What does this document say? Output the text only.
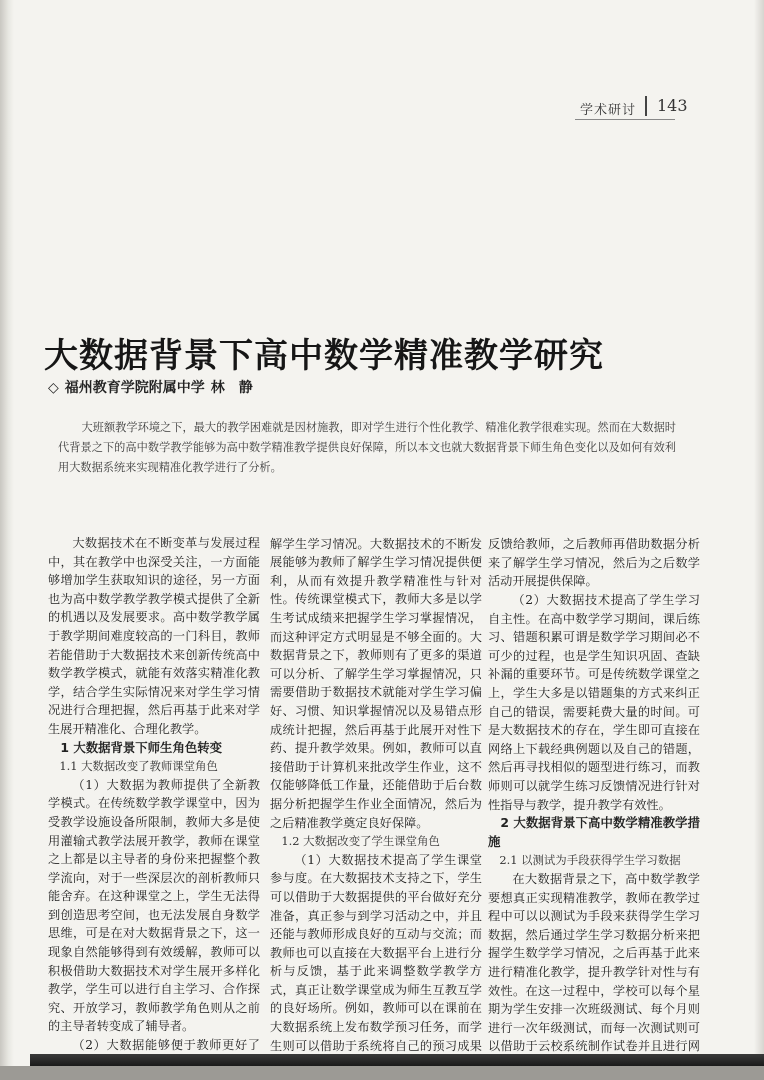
学术研讨 143
大数据背景下高中数学精准教学研究
◇ 福州教育学院附属中学 林　静
大班额教学环境之下，最大的教学困难就是因材施教，即对学生进行个性化教学、精准化教学很难实现。然而在大数据时代背景之下的高中数学教学能够为高中数学精准教学提供良好保障，所以本文也就大数据背景下师生角色变化以及如何有效利用大数据系统来实现精准化教学进行了分析。

大数据技术在不断变革与发展过程中，其在教学中也深受关注，一方面能够增加学生获取知识的途径，另一方面也为高中数学教学教学模式提供了全新的机遇以及发展要求。高中数学教学属于教学期间难度较高的一门科目，教师若能借助于大数据技术来创新传统高中数学教学模式，就能有效落实精准化教学，结合学生实际情况来对学生学习情况进行合理把握，然后再基于此来对学生展开精准化、合理化教学。

1 大数据背景下师生角色转变
1.1 大数据改变了教师课堂角色

（1）大数据为教师提供了全新教学模式。在传统数学教学课堂中，因为受教学设施设备所限制，教师大多是使用灌输式教学法展开教学，教师在课堂之上都是以主导者的身份来把握整个教学流向，对于一些深层次的剖析教师只能舍弃。在这种课堂之上，学生无法得到创造思考空间，也无法发展自身数学思维，可是在对大数据背景之下，这一现象自然能够得到有效缓解，教师可以积极借助大数据技术对学生展开多样化教学，学生可以进行自主学习、合作探究、开放学习，教师教学角色则从之前的主导者转变成了辅导者。

（2）大数据能够便于教师更好了

解学生学习情况。大数据技术的不断发展能够为教师了解学生学习情况提供便利，从而有效提升教学精准性与针对性。传统课堂模式下，教师大多是以学生考试成绩来把握学生学习掌握情况，而这种评定方式明显是不够全面的。大数据背景之下，教师则有了更多的渠道可以分析、了解学生学习掌握情况，只需要借助于数据技术就能对学生学习偏好、习惯、知识掌握情况以及易错点形成统计把握，然后再基于此展开对性下药、提升教学效果。例如，教师可以直接借助于计算机来批改学生作业，这不仅能够降低工作量，还能借助于后台数据分析把握学生作业全面情况，然后为之后精准教学奠定良好保障。

1.2 大数据改变了学生课堂角色

（1）大数据技术提高了学生课堂参与度。在大数据技术支持之下，学生可以借助于大数据提供的平台做好充分准备，真正参与到学习活动之中，并且还能与教师形成良好的互动与交流；而教师也可以直接在大数据平台上进行分析与反馈，基于此来调整数学教学方式，真正让数学课堂成为师生互教互学的良好场所。例如，教师可以在课前在大数据系统上发布数学预习任务，而学生则可以借助于系统将自己的预习成果

反馈给教师，之后教师再借助数据分析来了解学生学习情况，然后为之后数学活动开展提供保障。

（2）大数据技术提高了学生学习自主性。在高中数学学习期间，课后练习、错题积累可谓是数学学习期间必不可少的过程，也是学生知识巩固、查缺补漏的重要环节。可是传统数学课堂之上，学生大多是以错题集的方式来纠正自己的错误，需要耗费大量的时间。可是大数据技术的存在，学生即可直接在网络上下载经典例题以及自己的错题，然后再寻找相似的题型进行练习，而教师则可以就学生练习反馈情况进行针对性指导与教学，提升教学有效性。

2 大数据背景下高中数学精准教学措施
2.1 以测试为手段获得学生学习数据

在大数据背景之下，高中数学教学要想真正实现精准教学，教师在教学过程中可以以测试为手段来获得学生学习数据，然后通过学生学习数据分析来把握学生数学学习情况，之后再基于此来进行精准化教学，提升教学针对性与有效性。在这一过程中，学校可以每个星期为学生安排一次班级测试、每个月则进行一次年级测试，而每一次测试则可以借助于云校系统制作试卷并且进行网
